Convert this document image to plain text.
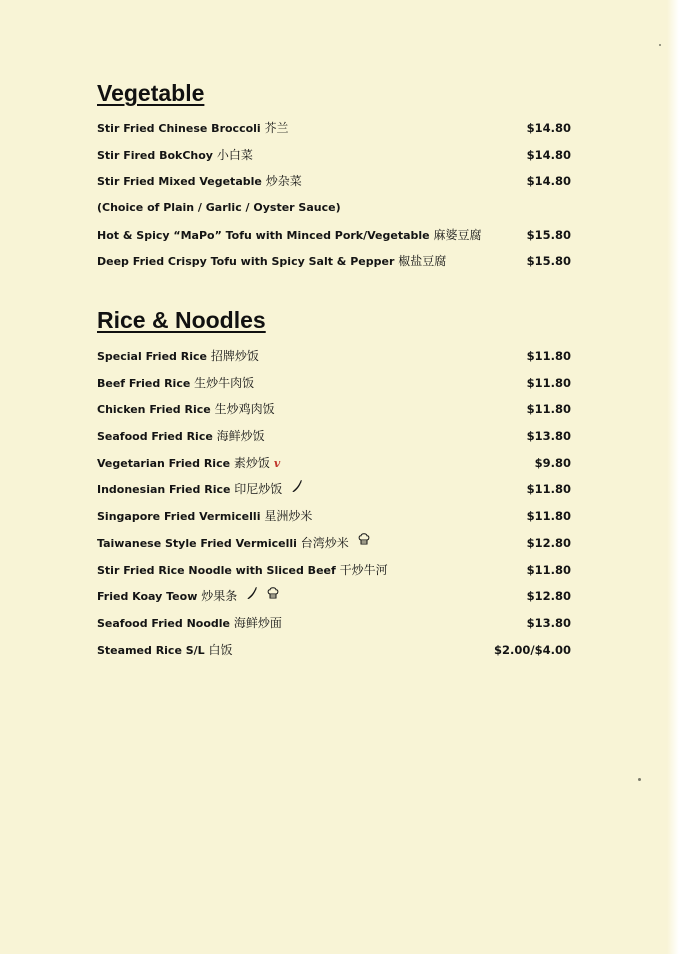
Vegetable
Stir Fried Chinese Broccoli 芥兰	$14.80
Stir Fired BokChoy 小白菜	$14.80
Stir Fried Mixed Vegetable 炒杂菜	$14.80
(Choice of Plain / Garlic / Oyster Sauce)
Hot & Spicy “MaPo” Tofu with Minced Pork/Vegetable 麻婆豆腐	$15.80
Deep Fried Crispy Tofu with Spicy Salt & Pepper 椒盐豆腐	$15.80
Rice & Noodles
Special Fried Rice 招牌炒饭	$11.80
Beef Fried Rice 生炒牛肉饭	$11.80
Chicken Fried Rice 生炒鸡肉饭	$11.80
Seafood Fried Rice 海鲜炒饭	$13.80
Vegetarian Fried Rice 素炒饭 v	$9.80
Indonesian Fried Rice 印尼炒饭	$11.80
Singapore Fried Vermicelli 星洲炒米	$11.80
Taiwanese Style Fried Vermicelli 台湾炒米	$12.80
Stir Fried Rice Noodle with Sliced Beef 干炒牛河	$11.80
Fried Koay Teow 炒果条	$12.80
Seafood Fried Noodle 海鲜炒面	$13.80
Steamed Rice S/L 白饭	$2.00/$4.00
